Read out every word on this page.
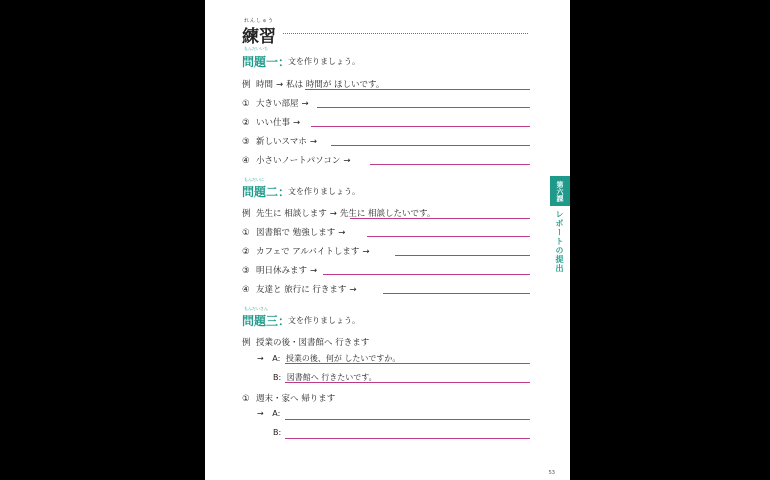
れんしゅう
練習
もんだいいち
問題一：
文を作りましょう。
例 時間 → 私は 時間が ほしいです。
① 大きい部屋 →
② いい仕事 →
③ 新しいスマホ →
④ 小さいノートパソコン →
もんだいに
問題二：
文を作りましょう。
例 先生に 相談します → 先生に 相談したいです。
① 図書館で 勉強します →
② カフェで アルバイトします →
③ 明日休みます →
④ 友達と 旅行に 行きます →
もんだいさん
問題三：
文を作りましょう。
例 授業の後・図書館へ 行きます
→ A: 授業の後、何が したいですか。
B: 図書館へ 行きたいです。
① 週末・家へ 帰ります
→ A:
B:
第六課
レポートの提出
53
